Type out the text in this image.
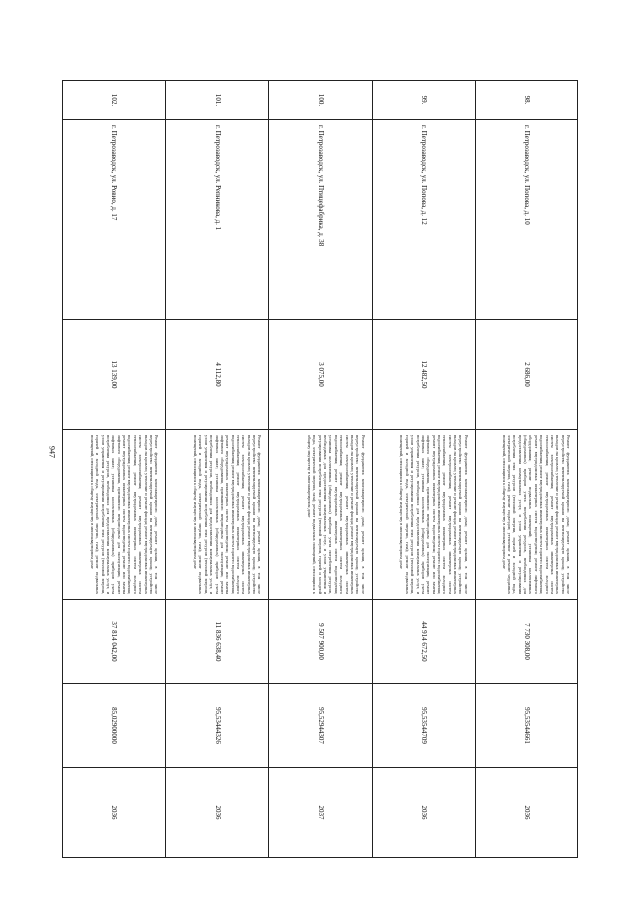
947
98.
г. Петрозаводск, ул. Попова, д. 10
2 686,00
Ремонт фундамента многоквартирного дома; ремонт крыши, в том числе переустройство невентилируемой крыши на вентилируемую крышу, устройство выходов на кровлю; утепление и ремонт фасада; ремонт внутридомовых инженерных систем электроснабжения; ремонт внутридомовых инженерных систем теплоснабжения; ремонт внутридомовых инженерных систем холодного водоснабжения; ремонт внутридомовых инженерных систем горячего водоснабжения; ремонт внутридомовых инженерных систем водоотведения; ремонт лифтового оборудования; ремонт подвальных помещений; установка коллективных (общедомовых) приборов учета потребления ресурсов, необходимых для предоставления коммунальных услуг, и узлов управления и регулирования потребления этих ресурсов (тепловой энергии, горячей и холодной воды, электрической энергии, газа); ремонт подъездов; утепление и ремонт чердачных помещений, относящихся к общему имуществу в многоквартирном доме
7 730 308,00
95,53544661
2036
99.
г. Петрозаводск, ул. Попова, д. 12
12 482,50
Ремонт фундамента многоквартирного дома; ремонт крыши, в том числе переустройство невентилируемой крыши на вентилируемую крышу, устройство выходов на кровлю; утепление и ремонт фасада; ремонт внутридомовых инженерных систем электроснабжения; ремонт внутридомовых инженерных систем теплоснабжения; ремонт внутридомовых инженерных систем холодного водоснабжения; ремонт внутридомовых инженерных систем горячего водоснабжения; ремонт внутридомовых инженерных систем водоотведения; ремонт или замена лифтового оборудования, признанного непригодным для эксплуатации, ремонт лифтовых шахт; установка коллективных (общедомовых) приборов учета потребления ресурсов, необходимых для предоставления коммунальных услуг, и узлов управления и регулирования потребления этих ресурсов (тепловой энергии, горячей и холодной воды, электрической энергии, газа); ремонт подвальных помещений, относящихся к общему имуществу в многоквартирном доме
44 914 672,50
95,53544709
2036
100.
г. Петрозаводск, ул. Птицефабрика, д. 38
3 075,00
Ремонт фундамента многоквартирного дома; ремонт крыши, в том числе переустройство невентилируемой крыши на вентилируемую крышу, устройство выходов на кровлю; утепление и ремонт фасада; ремонт внутридомовых инженерных систем электроснабжения; ремонт внутридомовых инженерных систем теплоснабжения; ремонт внутридомовых инженерных систем холодного водоснабжения; ремонт внутридомовых инженерных систем водоотведения; установка коллективных (общедомовых) приборов учета потребления ресурсов, необходимых для предоставления коммунальных услуг, и узлов управления и регулирования потребления этих ресурсов (тепловой энергии, горячей и холодной воды, электрической энергии, газа); ремонт подвальных помещений, относящихся к общему имуществу в многоквартирном доме
9 507 900,00
95,52944307
2037
101.
г. Петрозаводск, ул. Репникова, д. 1
4 112,80
Ремонт фундамента многоквартирного дома; ремонт крыши, в том числе переустройство невентилируемой крыши на вентилируемую крышу, устройство выходов на кровлю; утепление и ремонт фасада; ремонт внутридомовых инженерных систем электроснабжения; ремонт внутридомовых инженерных систем теплоснабжения; ремонт внутридомовых инженерных систем холодного водоснабжения; ремонт внутридомовых инженерных систем горячего водоснабжения; ремонт внутридомовых инженерных систем водоотведения; ремонт или замена лифтового оборудования, признанного непригодным для эксплуатации, ремонт лифтовых шахт; установка коллективных (общедомовых) приборов учета потребления ресурсов, необходимых для предоставления коммунальных услуг, и узлов управления и регулирования потребления этих ресурсов (тепловой энергии, горячей и холодной воды, электрической энергии, газа); ремонт подвальных помещений, относящихся к общему имуществу в многоквартирном доме
11 836 638,40
95,53444326
2036
102.
г. Петрозаводск, ул. Ровио, д. 17
13 139,00
Ремонт фундамента многоквартирного дома; ремонт крыши, в том числе переустройство невентилируемой крыши на вентилируемую крышу, устройство выходов на кровлю; утепление и ремонт фасада; ремонт внутридомовых инженерных систем электроснабжения; ремонт внутридомовых инженерных систем теплоснабжения; ремонт внутридомовых инженерных систем холодного водоснабжения; ремонт внутридомовых инженерных систем горячего водоснабжения; ремонт внутридомовых инженерных систем водоотведения; ремонт или замена лифтового оборудования, признанного непригодным для эксплуатации, ремонт лифтовых шахт; установка коллективных (общедомовых) приборов учета потребления ресурсов, необходимых для предоставления коммунальных услуг, и узлов управления и регулирования потребления этих ресурсов (тепловой энергии, горячей и холодной воды, электрической энергии, газа); ремонт подвальных помещений, относящихся к общему имуществу в многоквартирном доме
37 814 042,00
85,02900000
2036
